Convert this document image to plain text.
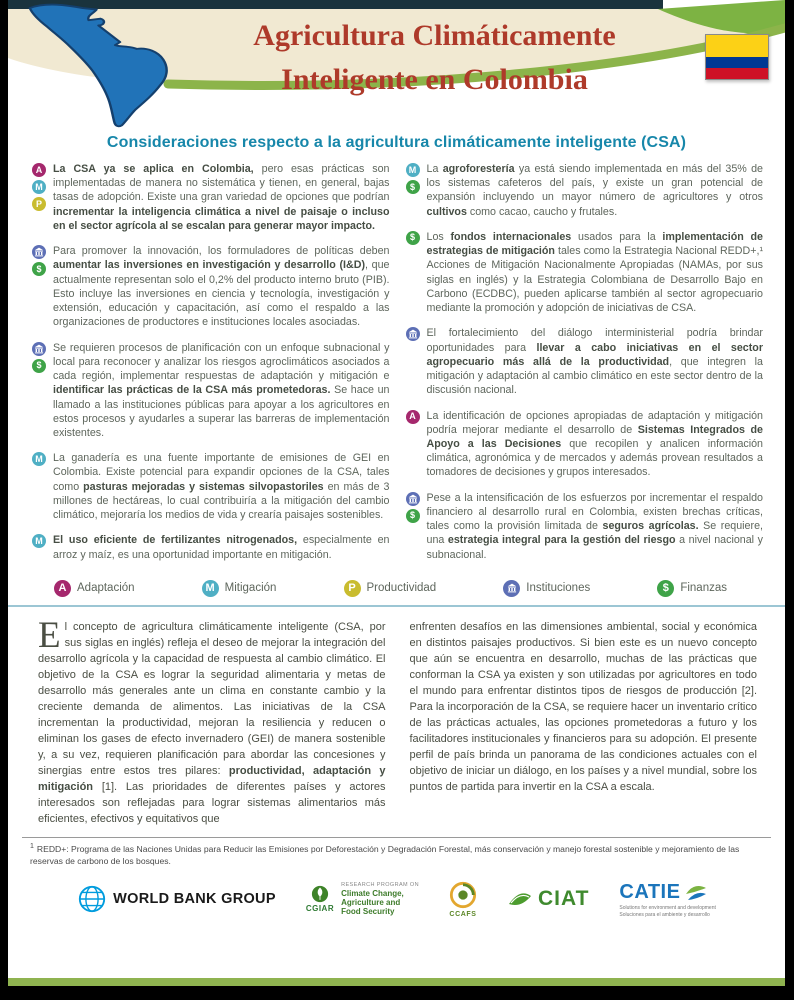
Agricultura Climáticamente
Inteligente en Colombia
Consideraciones respecto a la agricultura climáticamente inteligente (CSA)
A
M
P
La CSA ya se aplica en Colombia, pero esas prácticas son implementadas de manera no sistemática y tienen, en general, bajas tasas de adopción. Existe una gran variedad de opciones que podrían incrementar la inteligencia climática a nivel de paisaje o incluso en el sector agrícola al se escalan para generar mayor impacto.
$
Para promover la innovación, los formuladores de políticas deben aumentar las inversiones en investigación y desarrollo (I&D), que actualmente representan solo el 0,2% del producto interno bruto (PIB). Esto incluye las inversiones en ciencia y tecnología, investigación y extensión, educación y capacitación, así como el respaldo a las organizaciones de productores e instituciones locales asociadas.
$
Se requieren procesos de planificación con un enfoque subnacional y local para reconocer y analizar los riesgos agroclimáticos asociados a cada región, implementar respuestas de adaptación y mitigación e identificar las prácticas de la CSA más prometedoras. Se hace un llamado a las instituciones públicas para apoyar a los agricultores en estos procesos y ayudarles a superar las barreras de implementación existentes.
M La ganadería es una fuente importante de emisiones de GEI en Colombia. Existe potencial para expandir opciones de la CSA, tales como pasturas mejoradas y sistemas silvopastoriles en más de 3 millones de hectáreas, lo cual contribuiría a la mitigación del cambio climático, mejoraría los medios de vida y crearía paisajes sostenibles.
M El uso eficiente de fertilizantes nitrogenados, especialmente en arroz y maíz, es una oportunidad importante en mitigación.
M
$
La agroforestería ya está siendo implementada en más del 35% de los sistemas cafeteros del país, y existe un gran potencial de expansión incluyendo un mayor número de agricultores y otros cultivos como cacao, caucho y frutales.
$	Los fondos internacionales usados para la implementación de estrategias de mitigación tales como la Estrategia Nacional REDD+,¹ Acciones de Mitigación Nacionalmente Apropiadas (NAMAs, por sus siglas en inglés) y la Estrategia Colombiana de Desarrollo Bajo en Carbono (ECDBC), pueden aplicarse también al sector agropecuario mediante la promoción y adopción de iniciativas de CSA.
El fortalecimiento del diálogo interministerial podría brindar oportunidades para llevar a cabo iniciativas en el sector agropecuario más allá de la productividad, que integren la mitigación y adaptación al cambio climático en este sector dentro de la discusión nacional.
A	La identificación de opciones apropiadas de adaptación y mitigación podría mejorar mediante el desarrollo de Sistemas Integrados de Apoyo a las Decisiones que recopilen y analicen información climática, agronómica y de mercados y además provean resultados a tomadores de decisiones y grupos interesados.
$
Pese a la intensificación de los esfuerzos por incrementar el respaldo financiero al desarrollo rural en Colombia, existen brechas críticas, tales como la provisión limitada de seguros agrícolas. Se requiere, una estrategia integral para la gestión del riesgo a nivel nacional y subnacional.
A Adaptación	M Mitigación	P Productividad	Instituciones	$ Finanzas

El concepto de agricultura climáticamente inteligente (CSA, por sus siglas en inglés) refleja el deseo de mejorar la integración del desarrollo agrícola y la capacidad de respuesta al cambio climático. El objetivo de la CSA es lograr la seguridad alimentaria y metas de desarrollo más generales ante un clima en constante cambio y la creciente demanda de alimentos. Las iniciativas de la CSA incrementan la productividad, mejoran la resiliencia y reducen o eliminan los gases de efecto invernadero (GEI) de manera sostenible y, a su vez, requieren planificación para abordar las concesiones y sinergias entre estos tres pilares: productividad, adaptación y mitigación [1]. Las prioridades de diferentes países y actores interesados son reflejadas para lograr sistemas alimentarios más eficientes, efectivos y equitativos que

enfrenten desafíos en las dimensiones ambiental, social y económica en distintos paisajes productivos. Si bien este es un nuevo concepto que aún se encuentra en desarrollo, muchas de las prácticas que conforman la CSA ya existen y son utilizadas por agricultores en todo el mundo para enfrentar distintos tipos de riesgos de producción [2]. Para la incorporación de la CSA, se requiere hacer un inventario crítico de las prácticas actuales, las opciones prometedoras a futuro y los facilitadores institucionales y financieros para su adopción. El presente perfil de país brinda un panorama de las condiciones actuales con el objetivo de iniciar un diálogo, en los países y a nivel mundial, sobre los puntos de partida para invertir en la CSA a escala.

$^1$ REDD+: Programa de las Naciones Unidas para Reducir las Emisiones por Deforestación y Degradación Forestal, más conservación y manejo forestal sostenible y mejoramiento de las reservas de carbono de los bosques.
WORLD BANK GROUP
CGIAR
RESEARCH PROGRAM ON
Climate Change,
Agriculture and
Food Security	CCAFS
CIAT CATIE
Solutions for environment and development
Soluciones para el ambiente y desarrollo
